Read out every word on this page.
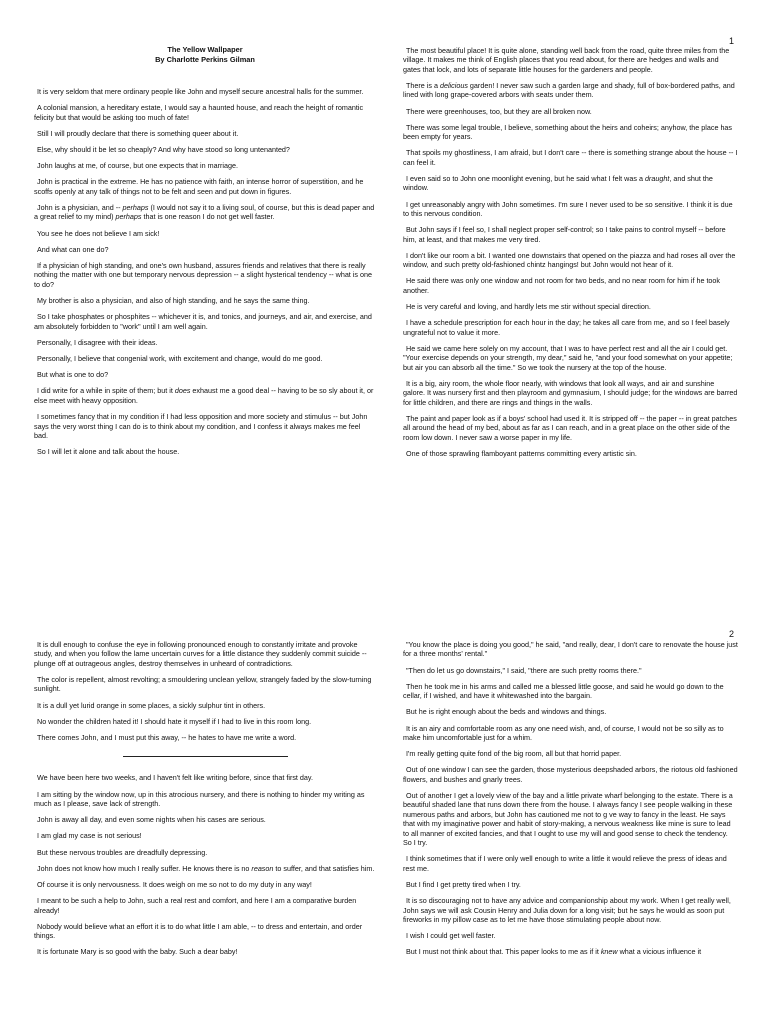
1
2
The Yellow Wallpaper
By Charlotte Perkins Gilman

It is very seldom that mere ordinary people like John and myself secure ancestral halls for the summer.

A colonial mansion, a hereditary estate, I would say a haunted house, and reach the height of romantic felicity but that would be asking too much of fate!

Still I will proudly declare that there is something queer about it.

Else, why should it be let so cheaply? And why have stood so long untenanted?

John laughs at me, of course, but one expects that in marriage.

John is practical in the extreme. He has no patience with faith, an intense horror of superstition, and he scoffs openly at any talk of things not to be felt and seen and put down in figures.

John is a physician, and -- perhaps (I would not say it to a living soul, of course, but this is dead paper and a great relief to my mind) perhaps that is one reason I do not get well faster.

You see he does not believe I am sick!

And what can one do?

If a physician of high standing, and one's own husband, assures friends and relatives that there is really nothing the matter with one but temporary nervous depression -- a slight hysterical tendency -- what is one to do?

My brother is also a physician, and also of high standing, and he says the same thing.

So I take phosphates or phosphites -- whichever it is, and tonics, and journeys, and air, and exercise, and am absolutely forbidden to "work" until I am well again.

Personally, I disagree with their ideas.

Personally, I believe that congenial work, with excitement and change, would do me good.

But what is one to do?

I did write for a while in spite of them; but it does exhaust me a good deal -- having to be so sly about it, or else meet with heavy opposition.

I sometimes fancy that in my condition if I had less opposition and more society and stimulus -- but John says the very worst thing I can do is to think about my condition, and I confess it always makes me feel bad.

So I will let it alone and talk about the house.

The most beautiful place! It is quite alone, standing well back from the road, quite three miles from the village. It makes me think of English places that you read about, for there are hedges and walls and gates that lock, and lots of separate little houses for the gardeners and people.

There is a delicious garden! I never saw such a garden large and shady, full of box-bordered paths, and lined with long grape-covered arbors with seats under them.

There were greenhouses, too, but they are all broken now.

There was some legal trouble, I believe, something about the heirs and coheirs; anyhow, the place has been empty for years.

That spoils my ghostliness, I am afraid, but I don't care -- there is something strange about the house -- I can feel it.

I even said so to John one moonlight evening, but he said what I felt was a draught, and shut the window.

I get unreasonably angry with John sometimes. I'm sure I never used to be so sensitive. I think it is due to this nervous condition.

But John says if I feel so, I shall neglect proper self-control; so I take pains to control myself -- before him, at least, and that makes me very tired.

I don't like our room a bit. I wanted one downstairs that opened on the piazza and had roses all over the window, and such pretty old-fashioned chintz hangings! but John would not hear of it.

He said there was only one window and not room for two beds, and no near room for him if he took another.

He is very careful and loving, and hardly lets me stir without special direction.

I have a schedule prescription for each hour in the day; he takes all care from me, and so I feel basely ungrateful not to value it more.

He said we came here solely on my account, that I was to have perfect rest and all the air I could get. "Your exercise depends on your strength, my dear," said he, "and your food somewhat on your appetite; but air you can absorb all the time." So we took the nursery at the top of the house.

It is a big, airy room, the whole floor nearly, with windows that look all ways, and air and sunshine galore. It was nursery first and then playroom and gymnasium, I should judge; for the windows are barred for little children, and there are rings and things in the walls.

The paint and paper look as if a boys' school had used it. It is stripped off -- the paper -- in great patches all around the head of my bed, about as far as I can reach, and in a great place on the other side of the room low down. I never saw a worse paper in my life.

One of those sprawling flamboyant patterns committing every artistic sin.

It is dull enough to confuse the eye in following pronounced enough to constantly irritate and provoke study, and when you follow the lame uncertain curves for a little distance they suddenly commit suicide -- plunge off at outrageous angles, destroy themselves in unheard of contradictions.

The color is repellent, almost revolting; a smouldering unclean yellow, strangely faded by the slow-turning sunlight.

It is a dull yet lurid orange in some places, a sickly sulphur tint in others.

No wonder the children hated it! I should hate it myself if I had to live in this room long.

There comes John, and I must put this away, -- he hates to have me write a word.

We have been here two weeks, and I haven't felt like writing before, since that first day.

I am sitting by the window now, up in this atrocious nursery, and there is nothing to hinder my writing as much as I please, save lack of strength.

John is away all day, and even some nights when his cases are serious.

I am glad my case is not serious!

But these nervous troubles are dreadfully depressing.

John does not know how much I really suffer. He knows there is no reason to suffer, and that satisfies him.

Of course it is only nervousness. It does weigh on me so not to do my duty in any way!

I meant to be such a help to John, such a real rest and comfort, and here I am a comparative burden already!

Nobody would believe what an effort it is to do what little I am able, -- to dress and entertain, and order things.

It is fortunate Mary is so good with the baby. Such a dear baby!

"You know the place is doing you good," he said, "and really, dear, I don't care to renovate the house just for a three months' rental."

"Then do let us go downstairs," I said, "there are such pretty rooms there."

Then he took me in his arms and called me a blessed little goose, and said he would go down to the cellar, if I wished, and have it whitewashed into the bargain.

But he is right enough about the beds and windows and things.

It is an airy and comfortable room as any one need wish, and, of course, I would not be so silly as to make him uncomfortable just for a whim.

I'm really getting quite fond of the big room, all but that horrid paper.

Out of one window I can see the garden, those mysterious deepshaded arbors, the riotous old fashioned flowers, and bushes and gnarly trees.

Out of another I get a lovely view of the bay and a little private wharf belonging to the estate. There is a beautiful shaded lane that runs down there from the house. I always fancy I see people walking in these numerous paths and arbors, but John has cautioned me not to g ve way to fancy in the least. He says that with my imaginative power and habit of story-making, a nervous weakness like mine is sure to lead to all manner of excited fancies, and that I ought to use my will and good sense to check the tendency. So I try.

I think sometimes that if I were only well enough to write a little it would relieve the press of ideas and rest me.

But I find I get pretty tired when I try.

It is so discouraging not to have any advice and companionship about my work. When I get really well, John says we will ask Cousin Henry and Julia down for a long visit; but he says he would as soon put fireworks in my pillow case as to let me have those stimulating people about now.

I wish I could get well faster.

But I must not think about that. This paper looks to me as if it knew what a vicious influence it
